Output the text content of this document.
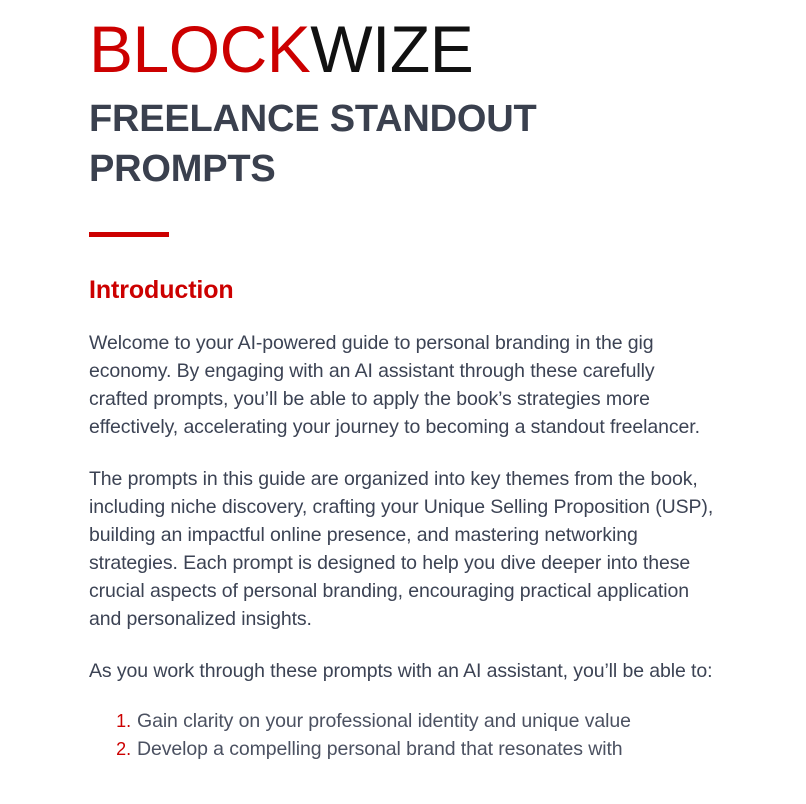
BLOCKWIZE
FREELANCE STANDOUT PROMPTS
Introduction

Welcome to your AI-powered guide to personal branding in the gig economy. By engaging with an AI assistant through these carefully crafted prompts, you’ll be able to apply the book’s strategies more effectively, accelerating your journey to becoming a standout freelancer.

The prompts in this guide are organized into key themes from the book, including niche discovery, crafting your Unique Selling Proposition (USP), building an impactful online presence, and mastering networking strategies. Each prompt is designed to help you dive deeper into these crucial aspects of personal branding, encouraging practical application and personalized insights.

As you work through these prompts with an AI assistant, you’ll be able to:

Gain clarity on your professional identity and unique value
Develop a compelling personal brand that resonates with
